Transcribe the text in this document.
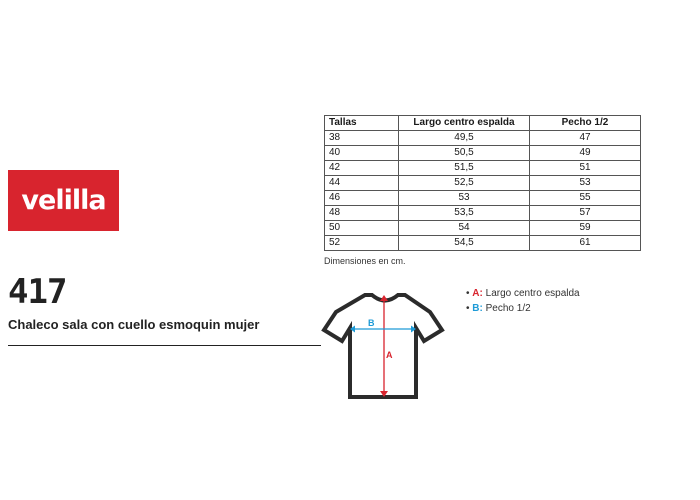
velilla
417
Chaleco sala con cuello esmoquin mujer
Tallas	Largo centro espalda	Pecho 1/2
38	49,5	47
40	50,5	49
42	51,5	51
44	52,5	53
46	53	55
48	53,5	57
50	54	59
52	54,5	61
Dimensiones en cm.
B
A
• A: Largo centro espalda
• B: Pecho 1/2
